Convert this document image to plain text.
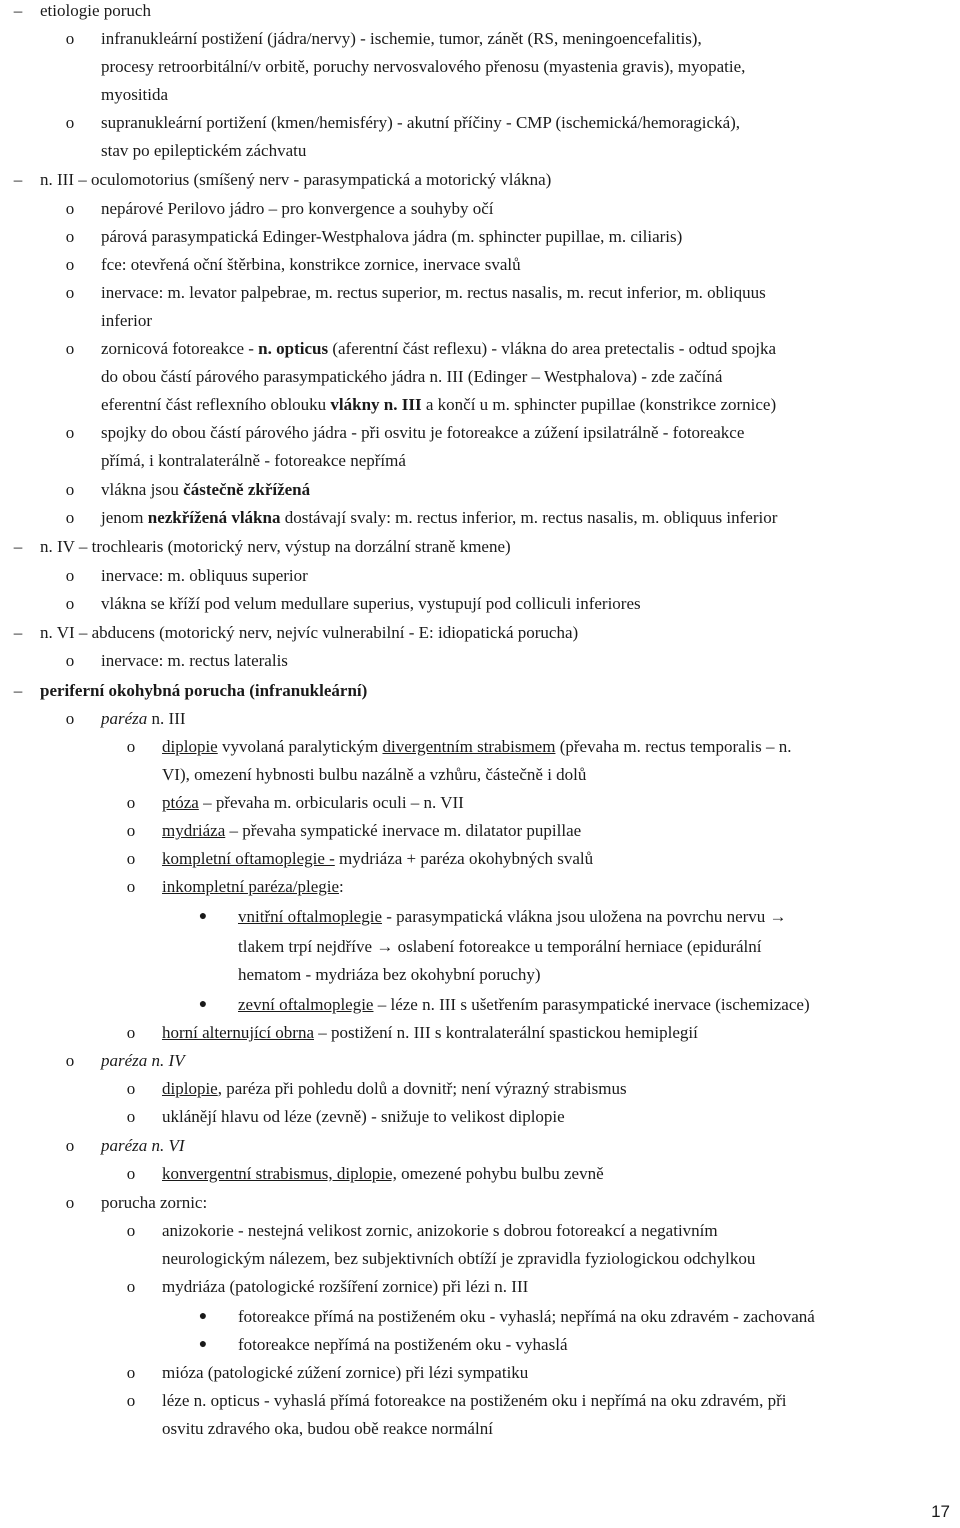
–	etiologie poruch
o infranukleární postižení (jádra/nervy) - ischemie, tumor, zánět (RS, meningoencefalitis),
procesy retroorbitální/v orbitě, poruchy nervosvalového přenosu (myastenia gravis), myopatie,
myositida
o supranukleární portižení (kmen/hemisféry) - akutní příčiny - CMP (ischemická/hemoragická),
stav po epileptickém záchvatu
–	n. III – oculomotorius (smíšený nerv - parasympatická a motorický vlákna)
o nepárové Perilovo jádro – pro konvergence a souhyby očí
o párová parasympatická Edinger-Westphalova jádra (m. sphincter pupillae, m. ciliaris)
o fce: otevřená oční štěrbina, konstrikce zornice, inervace svalů
o inervace: m. levator palpebrae, m. rectus superior, m. rectus nasalis, m. recut inferior, m. obliquus
inferior
o zornicová fotoreakce - n. opticus (aferentní část reflexu) - vlákna do area pretectalis - odtud spojka
do obou částí párového parasympatického jádra n. III (Edinger – Westphalova) - zde začíná
eferentní část reflexního oblouku vlákny n. III a končí u m. sphincter pupillae (konstrikce zornice)
o spojky do obou částí párového jádra - při osvitu je fotoreakce a zúžení ipsilatrálně - fotoreakce
přímá, i kontralaterálně - fotoreakce nepřímá
o vlákna jsou částečně zkřížená
o jenom nezkřížená vlákna dostávají svaly: m. rectus inferior, m. rectus nasalis, m. obliquus inferior
–	n. IV – trochlearis (motorický nerv, výstup na dorzální straně kmene)
o inervace: m. obliquus superior
o vlákna se kříží pod velum medullare superius, vystupují pod colliculi inferiores
–	n. VI – abducens (motorický nerv, nejvíc vulnerabilní - E: idiopatická porucha)
o inervace: m. rectus lateralis
–	periferní okohybná porucha (infranukleární)
o paréza n. III
o diplopie vyvolaná paralytickým divergentním strabismem (převaha m. rectus temporalis – n.
VI), omezení hybnosti bulbu nazálně a vzhůru, částečně i dolů
o ptóza – převaha m. orbicularis oculi – n. VII
o mydriáza – převaha sympatické inervace m. dilatator pupillae
o kompletní oftamoplegie - mydriáza + paréza okohybných svalů
o inkompletní paréza/plegie:
● vnitřní oftalmoplegie - parasympatická vlákna jsou uložena na povrchu nervu →
tlakem trpí nejdříve → oslabení fotoreakce u temporální herniace (epidurální
hematom - mydriáza bez okohybní poruchy)
● zevní oftalmoplegie – léze n. III s ušetřením parasympatické inervace (ischemizace)
o horní alternující obrna – postižení n. III s kontralaterální spastickou hemiplegií
o paréza n. IV
o diplopie, paréza při pohledu dolů a dovnitř; není výrazný strabismus
o uklánějí hlavu od léze (zevně) - snižuje to velikost diplopie
o paréza n. VI
o konvergentní strabismus, diplopie, omezené pohybu bulbu zevně
o porucha zornic:
o anizokorie - nestejná velikost zornic, anizokorie s dobrou fotoreakcí a negativním
neurologickým nálezem, bez subjektivních obtíží je zpravidla fyziologickou odchylkou
o mydriáza (patologické rozšíření zornice) při lézi n. III
● fotoreakce přímá na postiženém oku - vyhaslá; nepřímá na oku zdravém - zachovaná
● fotoreakce nepřímá na postiženém oku - vyhaslá
o mióza (patologické zúžení zornice) při lézi sympatiku
o léze n. opticus - vyhaslá přímá fotoreakce na postiženém oku i nepřímá na oku zdravém, při
osvitu zdravého oka, budou obě reakce normální
17
